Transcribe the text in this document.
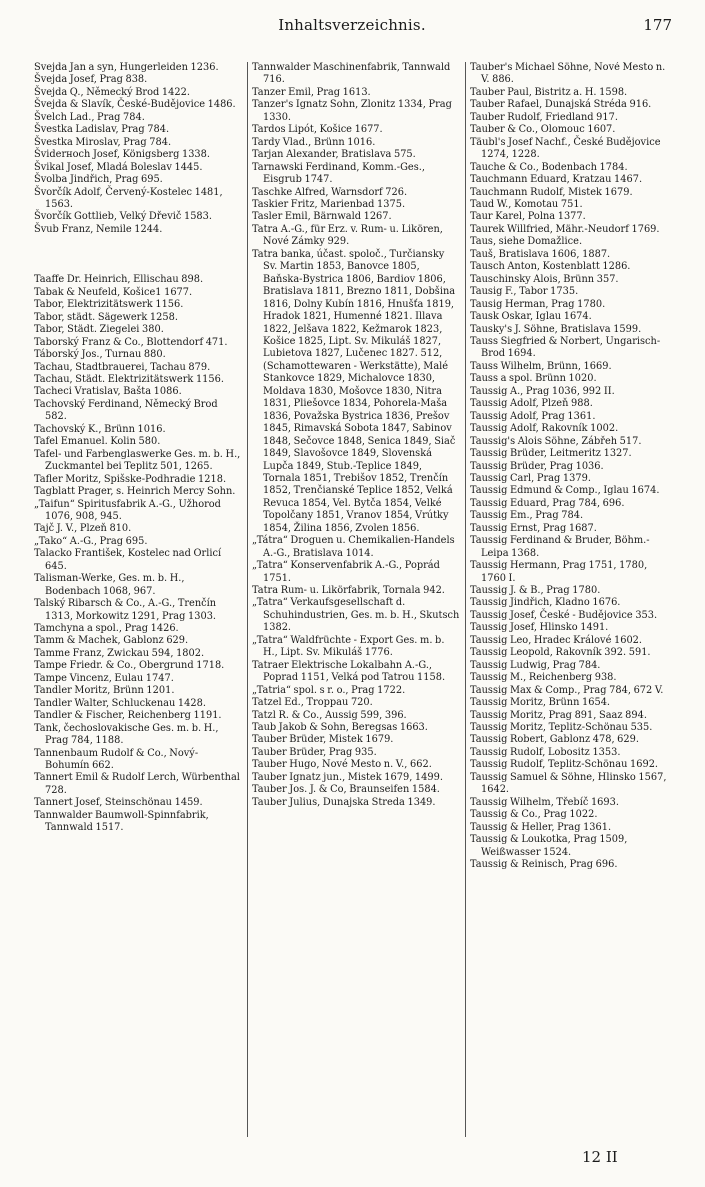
Inhaltsverzeichnis.	177
Švejda Jan a syn, Hungerleiden 1236.
Švejda Josef, Prag 838.
Švejda Q., Německý Brod 1422.
Švejda & Slavík, České-Budějovice 1486.
Švelch Lad., Prag 784.
Švestka Ladislav, Prag 784.
Švestka Miroslav, Prag 784.
Šviderноch Josef, Königsberg 1338.
Švikal Josef, Mladá Boleslav 1445.
Švolba Jindřich, Prag 695.
Švorčík Adolf, Červený-Kostelec 1481, 1563.
Švorčík Gottlieb, Velký Dřevič 1583.
Švub Franz, Nemile 1244.
Taaffe Dr. Heinrich, Ellischau 898.
Tabak & Neufeld, Košice1 1677.
Tabor, Elektrizitätswerk 1156.
Tabor, städt. Sägewerk 1258.
Tabor, Städt. Ziegelei 380.
Taborský Franz & Co., Blottendorf 471.
Táborský Jos., Turnau 880.
Tachau, Stadtbrauerei, Tachau 879.
Tachau, Städt. Elektrizitätswerk 1156.
Tacheci Vratislav, Bašta 1086.
Tachovský Ferdinand, Německý Brod 582.
Tachovský K., Brünn 1016.
Tafel Emanuel. Kolin 580.
Tafel- und Farbenglaswerke Ges. m. b. H., Zuckmantel bei Teplitz 501, 1265.
Tafler Moritz, Spišske-Podhradie 1218.
Tagblatt Prager, s. Heinrich Mercy Sohn.
„Taifun“ Spiritusfabrik A.-G., Užhorod 1076, 908, 945.
Tajč J. V., Plzeň 810.
„Tako“ A.-G., Prag 695.
Talacko František, Kostelec nad Orlicí 645.
Talisman-Werke, Ges. m. b. H., Bodenbach 1068, 967.
Talský Ribarsch & Co., A.-G., Trenčín 1313, Morkowitz 1291, Prag 1303.
Tamchyna a spol., Prag 1426.
Tamm & Machek, Gablonz 629.
Tamme Franz, Zwickau 594, 1802.
Tampe Friedr. & Co., Obergrund 1718.
Tampe Vincenz, Eulau 1747.
Tandler Moritz, Brünn 1201.
Tandler Walter, Schluckenau 1428.
Tandler & Fischer, Reichenberg 1191.
Tank, čechoslovakische Ges. m. b. H., Prag 784, 1188.
Tannenbaum Rudolf & Co., Nový-Bohumín 662.
Tannert Emil & Rudolf Lerch, Würbenthal 728.
Tannert Josef, Steinschönau 1459.
Tannwalder Baumwoll-Spinnfabrik, Tannwald 1517.
Tannwalder Maschinenfabrik, Tannwald 716.
Tanzer Emil, Prag 1613.
Tanzer's Ignatz Sohn, Zlonitz 1334, Prag 1330.
Tardos Lipót, Košice 1677.
Tardy Vlad., Brünn 1016.
Tarjan Alexander, Bratislava 575.
Tarnawski Ferdinand, Komm.-Ges., Eisgrub 1747.
Taschke Alfred, Warnsdorf 726.
Taskier Fritz, Marienbad 1375.
Tasler Emil, Bärnwald 1267.
Tatra A.-G., für Erz. v. Rum- u. Likören, Nové Zámky 929.
Tatra banka, účast. spoloč., Turčiansky Sv. Martin 1853, Banovce 1805, Baňska-Bystrica 1806, Bardiov 1806, Bratislava 1811, Brezno 1811, Dobšina 1816, Dolny Kubín 1816, Hnušťa 1819, Hradok 1821, Humenné 1821. Illava 1822, Jelšava 1822, Kežmarok 1823, Košice 1825, Lipt. Sv. Mikuláš 1827, Lubietova 1827, Lučenec 1827. 512, (Schamottewaren - Werkstätte), Malé Stankovce 1829, Michalovce 1830, Moldava 1830, Mošovce 1830, Nitra 1831, Pliešovce 1834, Pohorela-Maša 1836, Považska Bystrica 1836, Prešov 1845, Rimavská Sobota 1847, Sabinov 1848, Sečovce 1848, Senica 1849, Siač 1849, Slavošovce 1849, Slovenská Lupča 1849, Stub.-Teplice 1849, Tornala 1851, Trebišov 1852, Trenčín 1852, Trenčianské Teplice 1852, Velká Revuca 1854, Vel. Bytča 1854, Velké Topolčany 1851, Vranov 1854, Vrútky 1854, Žilina 1856, Zvolen 1856.
„Tátra“ Droguen u. Chemikalien-Handels A.-G., Bratislava 1014.
„Tatra“ Konservenfabrik A.-G., Poprád 1751.
Tatra Rum- u. Likörfabrik, Tornala 942.
„Tatra“ Verkaufsgesellschaft d. Schuhindustrien, Ges. m. b. H., Skutsch 1382.
„Tatra“ Waldfrüchte - Export Ges. m. b. H., Lipt. Sv. Mikuláš 1776.
Tatraer Elektrische Lokalbahn A.-G., Poprad 1151, Velká pod Tatrou 1158.
„Tatria“ spol. s r. o., Prag 1722.
Tatzel Ed., Troppau 720.
Tatzl R. & Co., Aussig 599, 396.
Taub Jakob & Sohn, Beregsas 1663.
Tauber Brüder, Mistek 1679.
Tauber Brüder, Prag 935.
Tauber Hugo, Nové Mesto n. V., 662.
Tauber Ignatz jun., Mistek 1679, 1499.
Tauber Jos. J. & Co, Braunseifen 1584.
Tauber Julius, Dunajska Streda 1349.
Tauber's Michael Söhne, Nové Mesto n. V. 886.
Tauber Paul, Bistritz a. H. 1598.
Tauber Rafael, Dunajská Stréda 916.
Tauber Rudolf, Friedland 917.
Tauber & Co., Olomouc 1607.
Täubl's Josef Nachf., České Budějovice 1274, 1228.
Tauche & Co., Bodenbach 1784.
Tauchmann Eduard, Kratzau 1467.
Tauchmann Rudolf, Mistek 1679.
Taud W., Komotau 751.
Taur Karel, Polna 1377.
Taurek Willfried, Mähr.-Neudorf 1769.
Taus, siehe Domažlice.
Tauš, Bratislava 1606, 1887.
Tausch Anton, Kostenblatt 1286.
Tauschinsky Alois, Brünn 357.
Tausig F., Tabor 1735.
Tausig Herman, Prag 1780.
Tausk Oskar, Iglau 1674.
Tausky's J. Söhne, Bratislava 1599.
Tauss Siegfried & Norbert, Ungarisch-Brod 1694.
Tauss Wilhelm, Brünn, 1669.
Tauss a spol. Brünn 1020.
Taussig A., Prag 1036, 992 II.
Taussig Adolf, Plzeň 988.
Taussig Adolf, Prag 1361.
Taussig Adolf, Rakovník 1002.
Taussig's Alois Söhne, Zábřeh 517.
Taussig Brüder, Leitmeritz 1327.
Taussig Brüder, Prag 1036.
Taussig Carl, Prag 1379.
Taussig Edmund & Comp., Iglau 1674.
Taussig Eduard, Prag 784, 696.
Taussig Em., Prag 784.
Taussig Ernst, Prag 1687.
Taussig Ferdinand & Bruder, Böhm.-Leipa 1368.
Taussig Hermann, Prag 1751, 1780, 1760 I.
Taussig J. & B., Prag 1780.
Taussig Jindřich, Kladno 1676.
Taussig Josef, České - Budějovice 353.
Taussig Josef, Hlinsko 1491.
Taussig Leo, Hradec Králové 1602.
Taussig Leopold, Rakovník 392. 591.
Taussig Ludwig, Prag 784.
Taussig M., Reichenberg 938.
Taussig Max & Comp., Prag 784, 672 V.
Taussig Moritz, Brünn 1654.
Taussig Moritz, Prag 891, Saaz 894.
Taussig Moritz, Teplitz-Schönau 535.
Taussig Robert, Gablonz 478, 629.
Taussig Rudolf, Lobositz 1353.
Taussig Rudolf, Teplitz-Schönau 1692.
Taussig Samuel & Söhne, Hlinsko 1567, 1642.
Taussig Wilhelm, Třebíč 1693.
Taussig & Co., Prag 1022.
Taussig & Heller, Prag 1361.
Taussig & Loukotka, Prag 1509, Weißwasser 1524.
Taussig & Reinisch, Prag 696.
12 II
